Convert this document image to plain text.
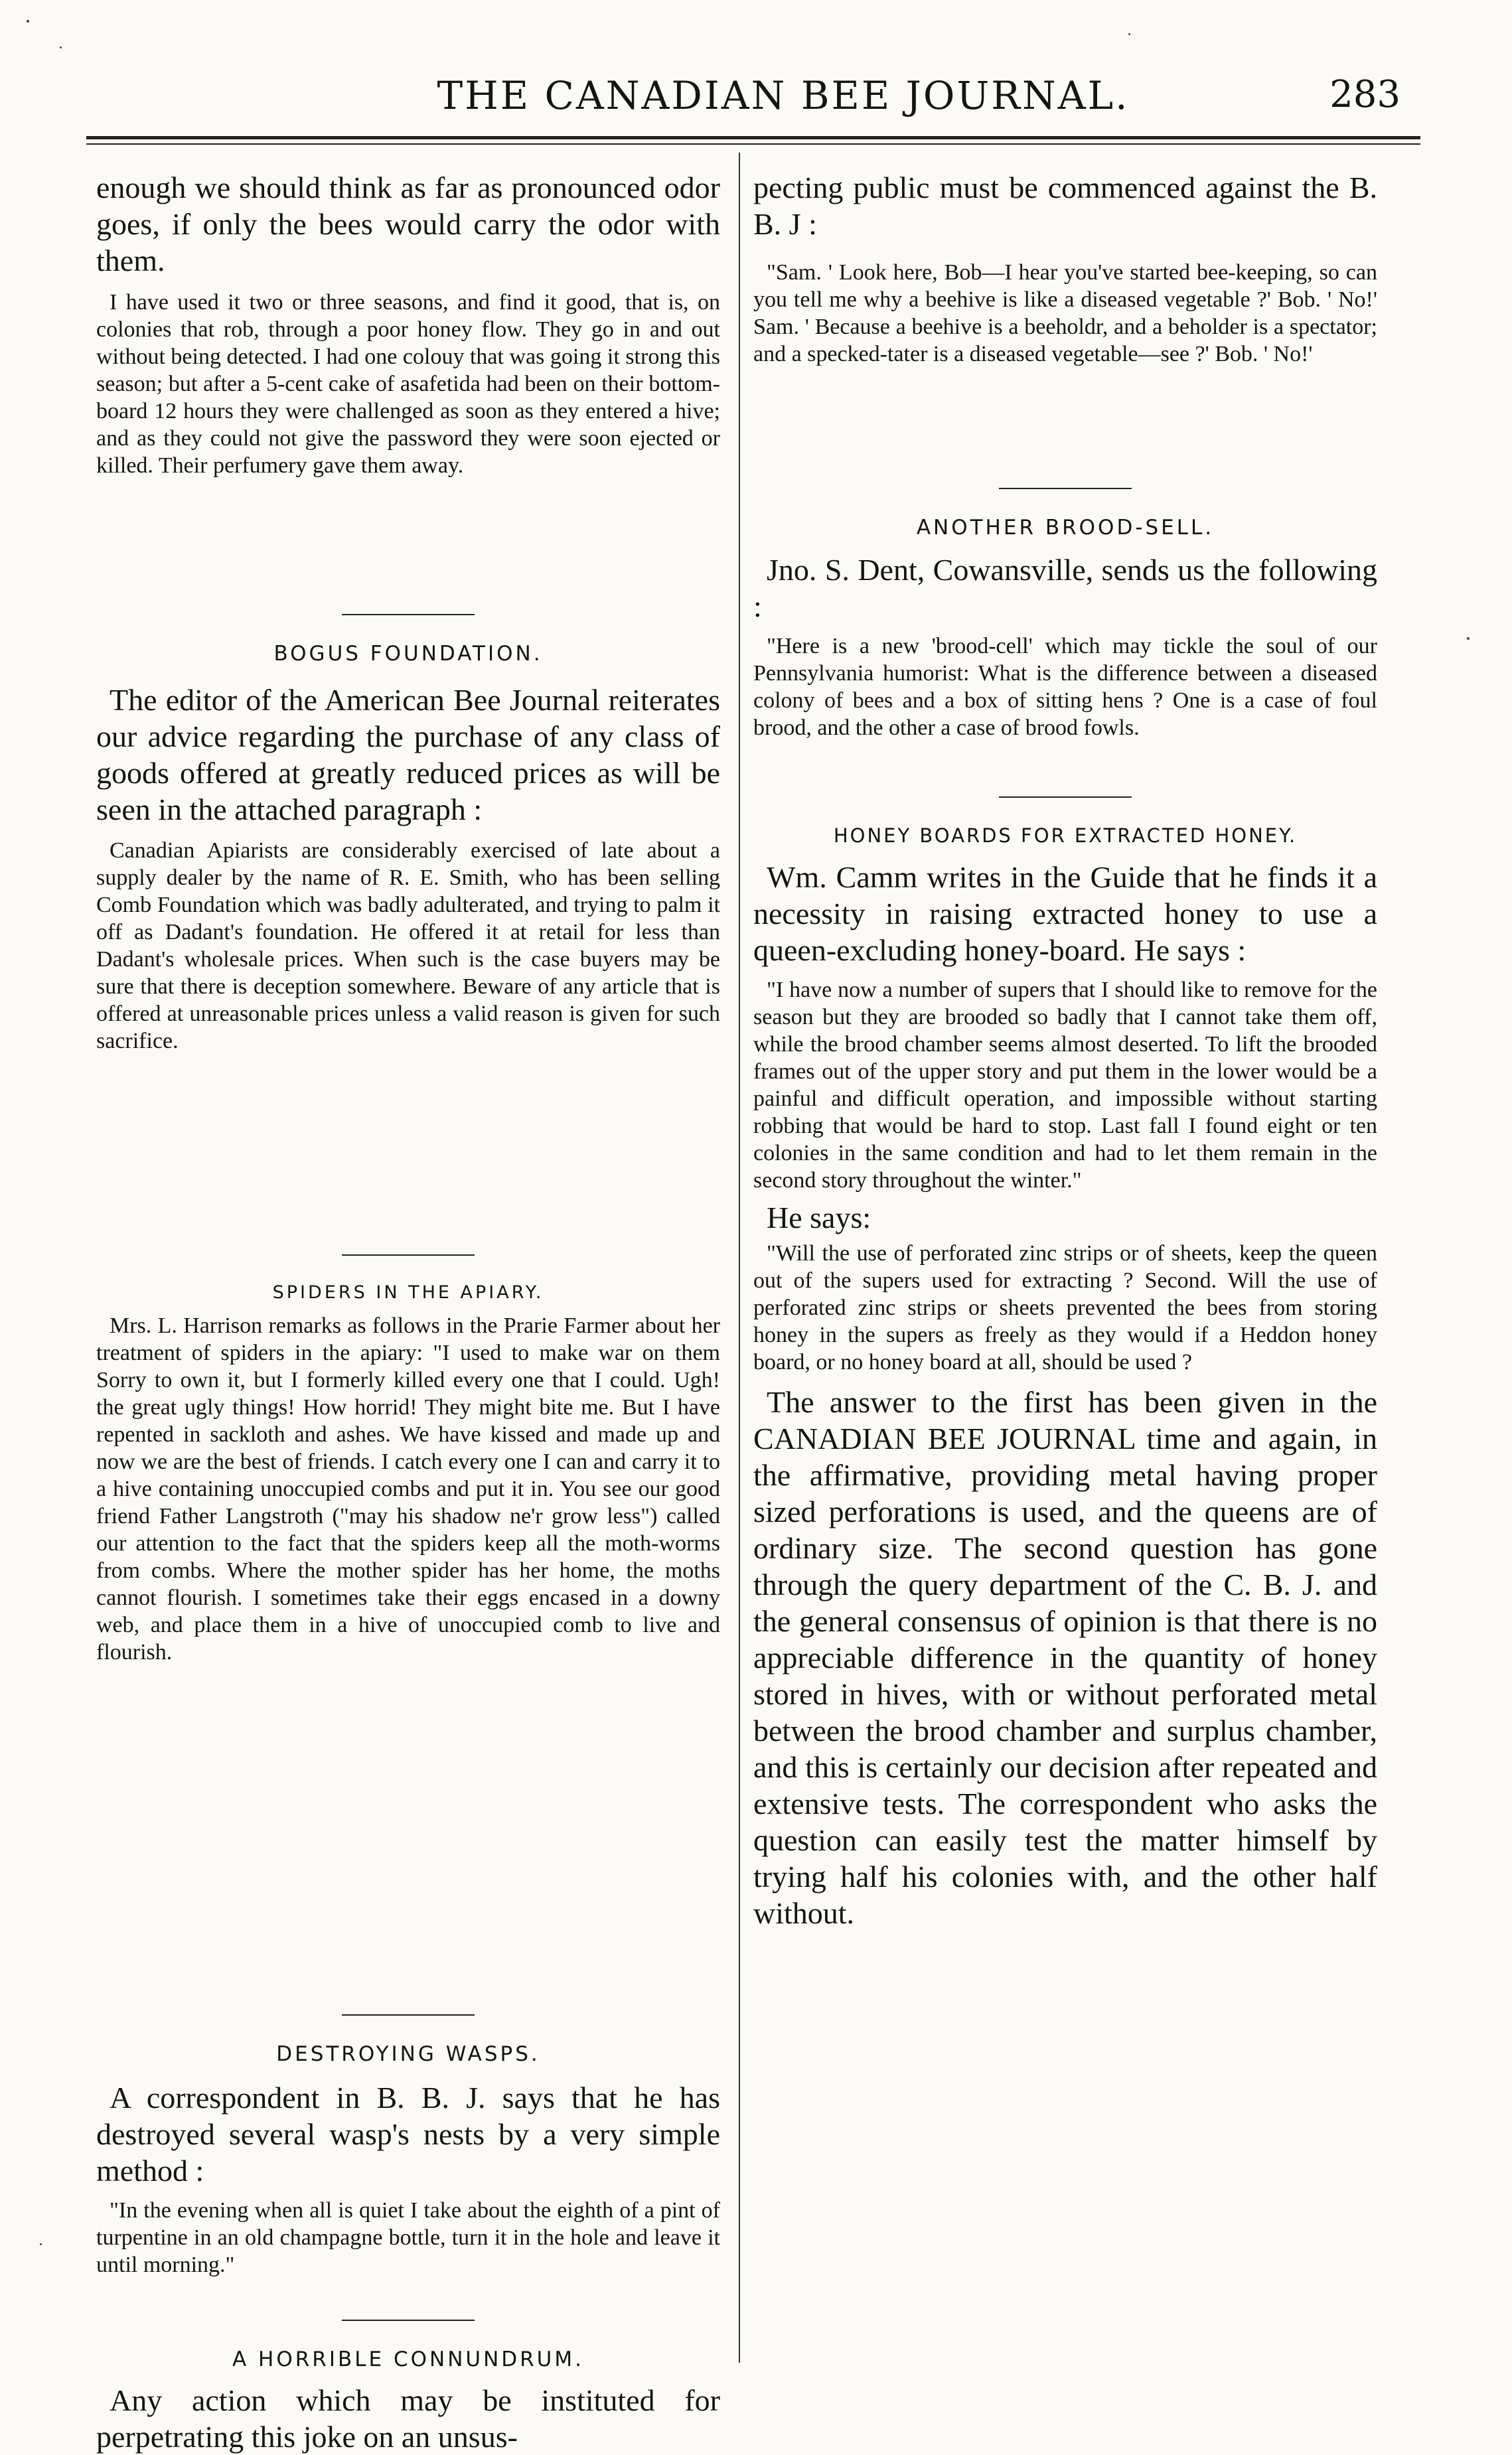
THE CANADIAN BEE JOURNAL.	283

enough we should think as far as pronounced odor goes, if only the bees would carry the odor with them.

I have used it two or three seasons, and find it good, that is, on colonies that rob, through a poor honey flow. They go in and out without being detected. I had one colouy that was going it strong this season; but after a 5-cent cake of asafetida had been on their bottom-board 12 hours they were challenged as soon as they entered a hive; and as they could not give the password they were soon ejected or killed. Their perfumery gave them away.

BOGUS FOUNDATION.

The editor of the American Bee Journal reiterates our advice regarding the purchase of any class of goods offered at greatly reduced prices as will be seen in the attached paragraph :

Canadian Apiarists are considerably exercised of late about a supply dealer by the name of R. E. Smith, who has been selling Comb Foundation which was badly adulterated, and trying to palm it off as Dadant's foundation. He offered it at retail for less than Dadant's wholesale prices. When such is the case buyers may be sure that there is deception somewhere. Beware of any article that is offered at unreasonable prices unless a valid reason is given for such sacrifice.

SPIDERS IN THE APIARY.

Mrs. L. Harrison remarks as follows in the Prarie Farmer about her treatment of spiders in the apiary: "I used to make war on them Sorry to own it, but I formerly killed every one that I could. Ugh! the great ugly things! How horrid! They might bite me. But I have repented in sackloth and ashes. We have kissed and made up and now we are the best of friends. I catch every one I can and carry it to a hive containing unoccupied combs and put it in. You see our good friend Father Langstroth ("may his shadow ne'r grow less") called our attention to the fact that the spiders keep all the moth-worms from combs. Where the mother spider has her home, the moths cannot flourish. I sometimes take their eggs encased in a downy web, and place them in a hive of unoccupied comb to live and flourish.

DESTROYING WASPS.

A correspondent in B. B. J. says that he has destroyed several wasp's nests by a very simple method :

"In the evening when all is quiet I take about the eighth of a pint of turpentine in an old champagne bottle, turn it in the hole and leave it until morning."

A HORRIBLE CONNUNDRUM.

Any action which may be instituted for perpetrating this joke on an unsus-

pecting public must be commenced against the B. B. J :

"Sam. ' Look here, Bob—I hear you've started bee-keeping, so can you tell me why a beehive is like a diseased vegetable ?' Bob. ' No!' Sam. ' Because a beehive is a beeholdr, and a beholder is a spectator; and a specked-tater is a diseased vegetable—see ?' Bob. ' No!'

ANOTHER BROOD-SELL.

Jno. S. Dent, Cowansville, sends us the following :

"Here is a new 'brood-cell' which may tickle the soul of our Pennsylvania humorist: What is the difference between a diseased colony of bees and a box of sitting hens ? One is a case of foul brood, and the other a case of brood fowls.

HONEY BOARDS FOR EXTRACTED HONEY.

Wm. Camm writes in the Guide that he finds it a necessity in raising extracted honey to use a queen-excluding honey-board. He says :

"I have now a number of supers that I should like to remove for the season but they are brooded so badly that I cannot take them off, while the brood chamber seems almost deserted. To lift the brooded frames out of the upper story and put them in the lower would be a painful and difficult operation, and impossible without starting robbing that would be hard to stop. Last fall I found eight or ten colonies in the same condition and had to let them remain in the second story throughout the winter."

He says:

"Will the use of perforated zinc strips or of sheets, keep the queen out of the supers used for extracting ? Second. Will the use of perforated zinc strips or sheets prevented the bees from storing honey in the supers as freely as they would if a Heddon honey board, or no honey board at all, should be used ?

The answer to the first has been given in the CANADIAN BEE JOURNAL time and again, in the affirmative, providing metal having proper sized perforations is used, and the queens are of ordinary size. The second question has gone through the query department of the C. B. J. and the general consensus of opinion is that there is no appreciable difference in the quantity of honey stored in hives, with or without perforated metal between the brood chamber and surplus chamber, and this is certainly our decision after repeated and extensive tests. The correspondent who asks the question can easily test the matter himself by trying half his colonies with, and the other half without.
